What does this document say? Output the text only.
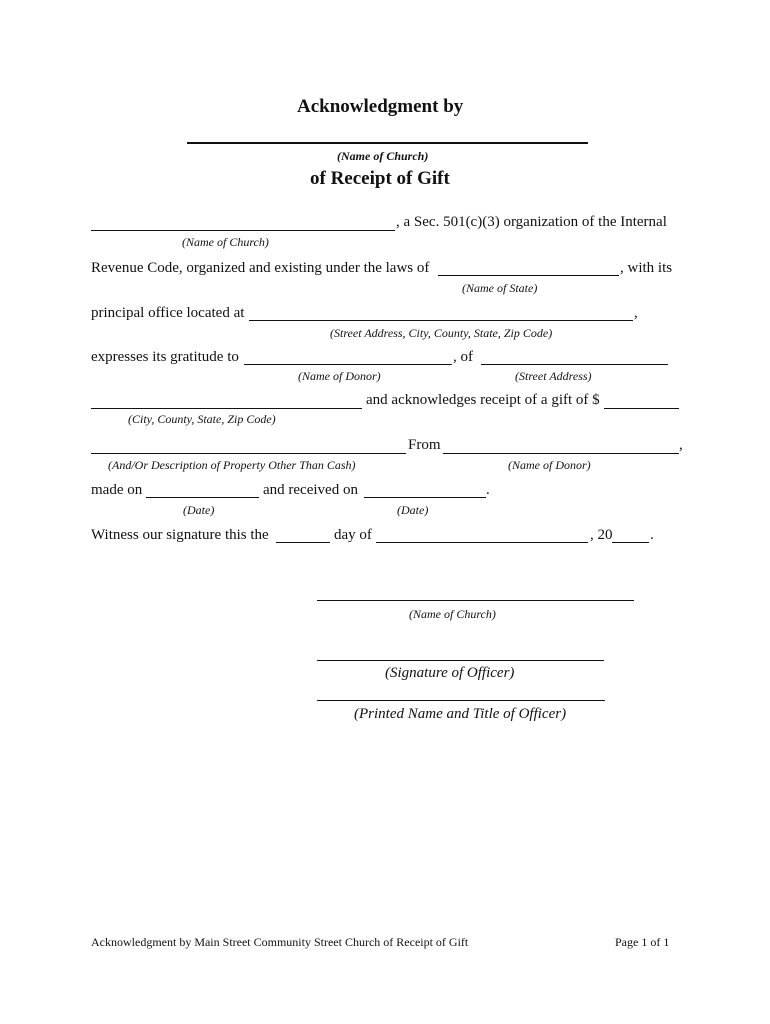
Acknowledgment by
(Name of Church)
of Receipt of Gift
, a Sec. 501(c)(3) organization of the Internal
(Name of Church)
Revenue Code, organized and existing under the laws of	, with its
(Name of State)
principal office located at	,
(Street Address, City, County, State, Zip Code)
expresses its gratitude to	, of
(Name of Donor)	(Street Address)
and acknowledges receipt of a gift of $
(City, County, State, Zip Code)
From	,
(And/Or Description of Property Other Than Cash)	(Name of Donor)
made on	and received on	.
(Date)	(Date)
Witness our signature this the	day of	, 20	.
(Name of Church)
(Signature of Officer)
(Printed Name and Title of Officer)
Acknowledgment by Main Street Community Street Church of Receipt of Gift	Page 1 of 1
